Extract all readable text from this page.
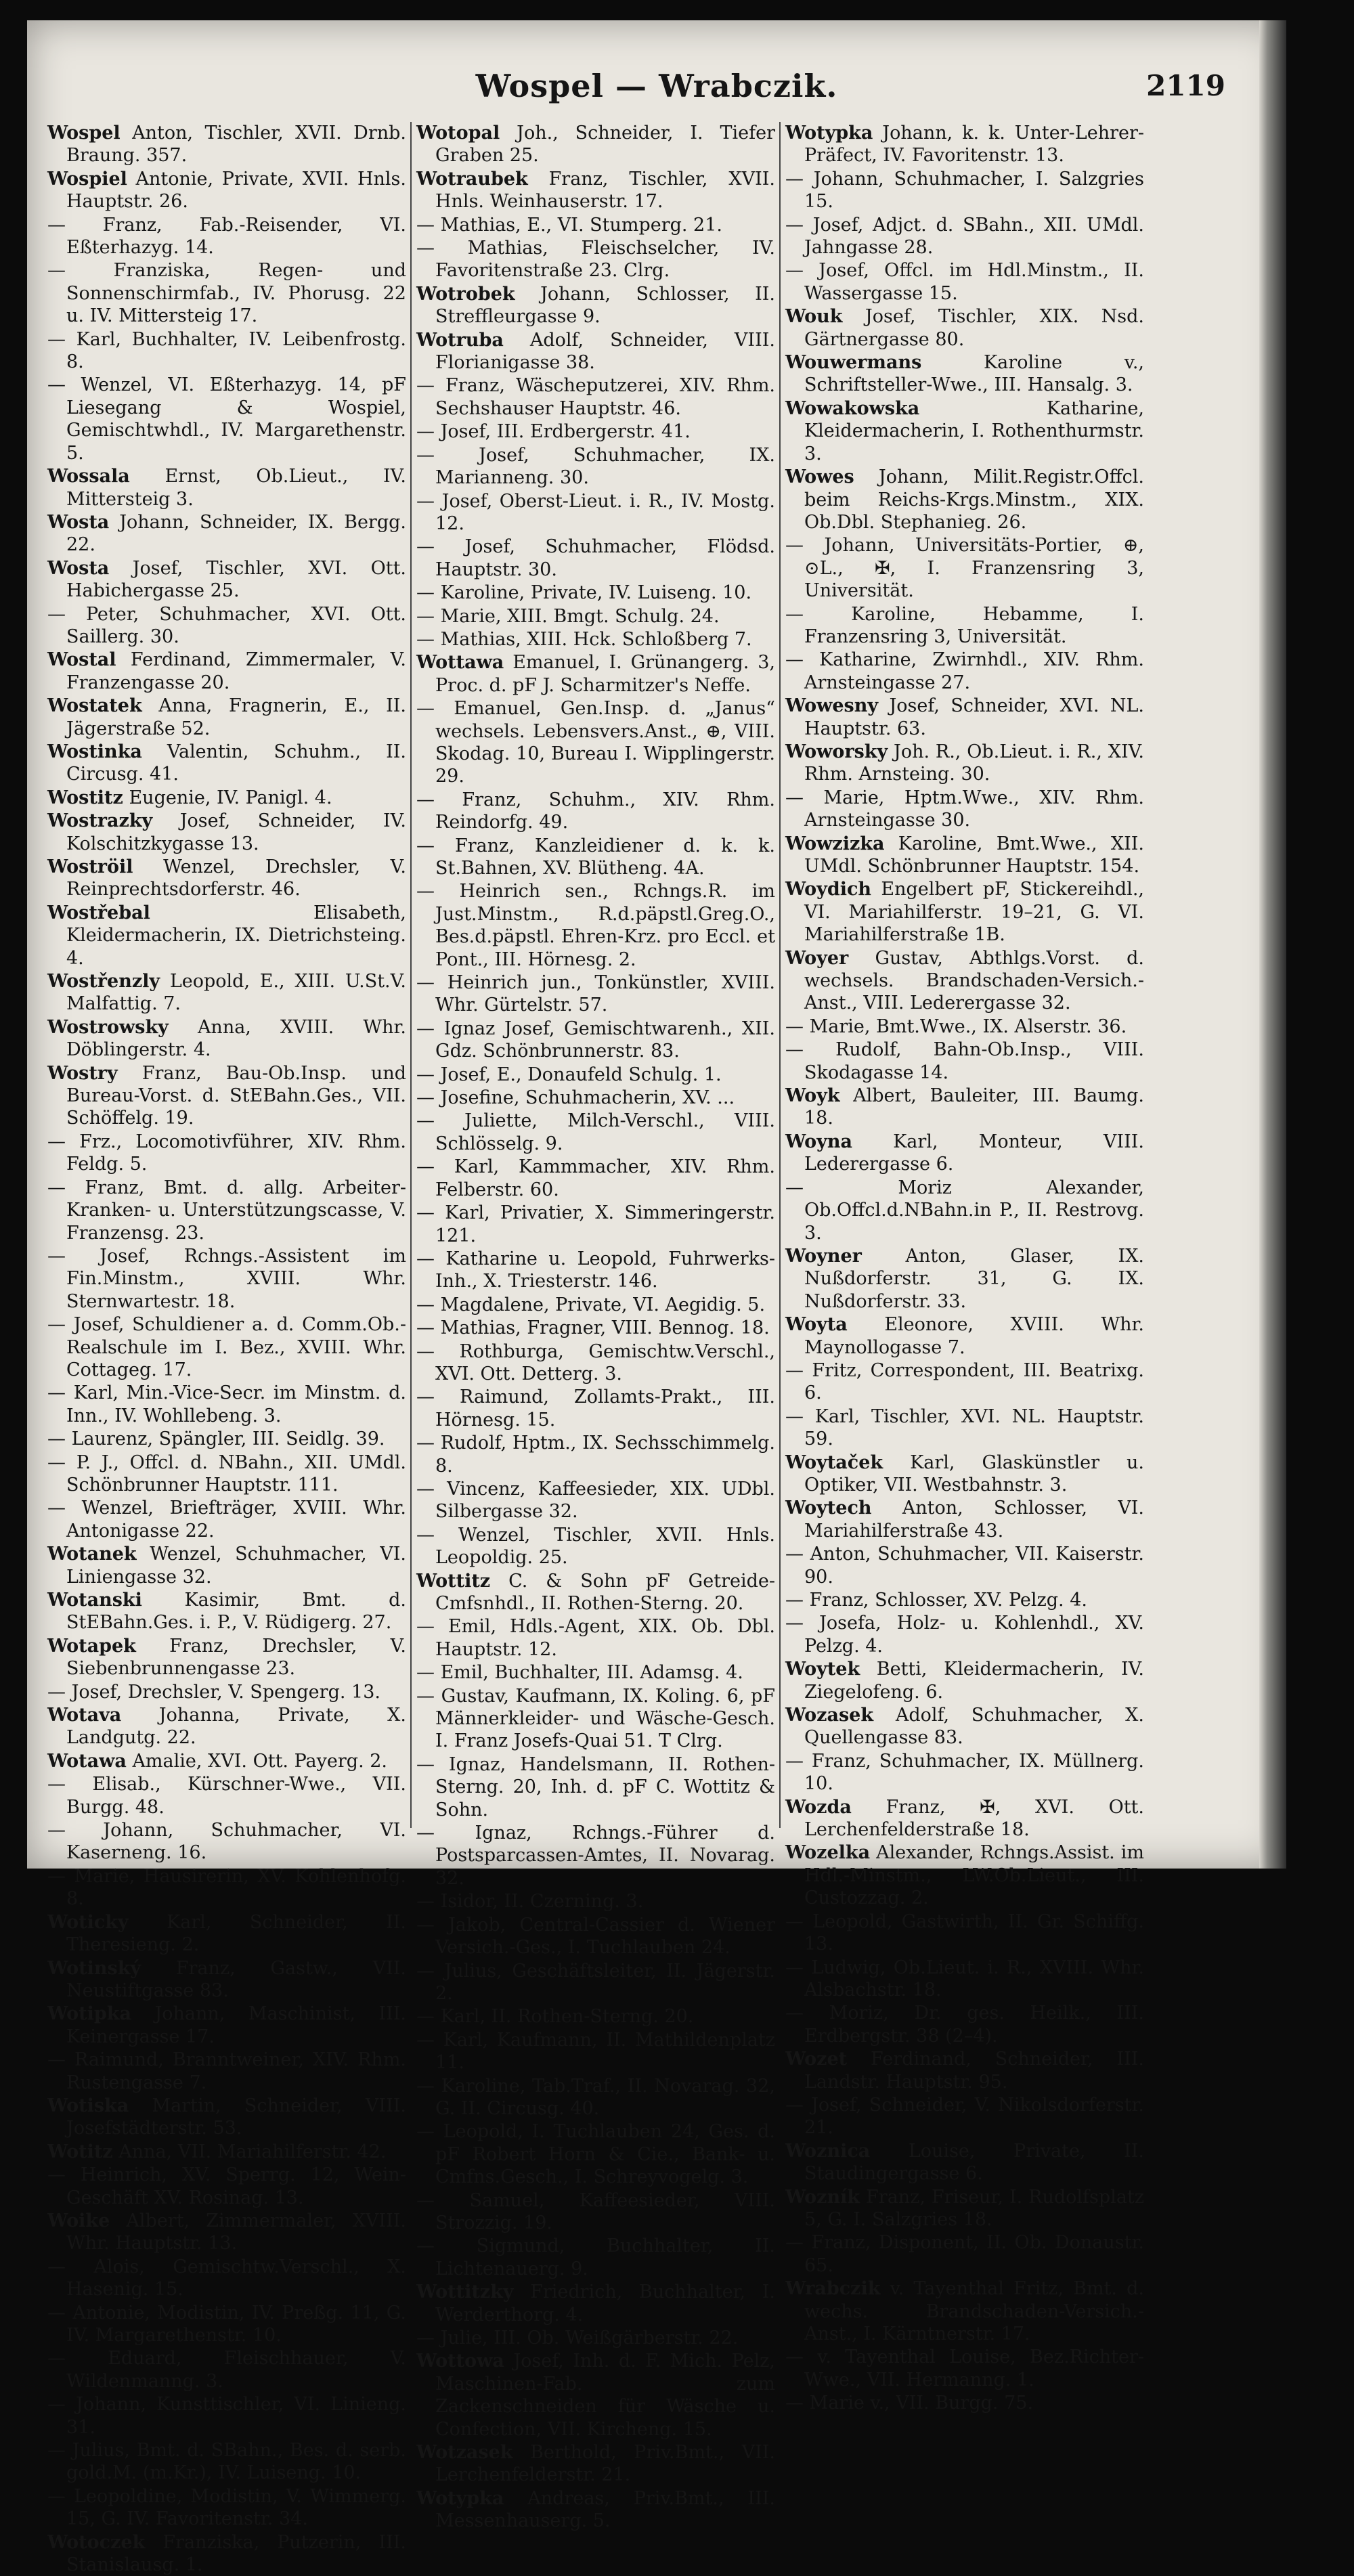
Wospel — Wrabczik.	2119
Wospel Anton, Tischler, XVII. Drnb. Braung. 357.
Wospiel Antonie, Private, XVII. Hnls. Hauptstr. 26.
— Franz, Fab.-Reisender, VI. Eßterhazyg. 14.
— Franziska, Regen- und Sonnenschirmfab., IV. Phorusg. 22 u. IV. Mittersteig 17.
— Karl, Buchhalter, IV. Leibenfrostg. 8.
— Wenzel, VI. Eßterhazyg. 14, pF Liesegang & Wospiel, Gemischtwhdl., IV. Margarethenstr. 5.
Wossala Ernst, Ob.Lieut., IV. Mittersteig 3.
Wosta Johann, Schneider, IX. Bergg. 22.
Wosta Josef, Tischler, XVI. Ott. Habichergasse 25.
— Peter, Schuhmacher, XVI. Ott. Saillerg. 30.
Wostal Ferdinand, Zimmermaler, V. Franzengasse 20.
Wostatek Anna, Fragnerin, E., II. Jägerstraße 52.
Wostinka Valentin, Schuhm., II. Circusg. 41.
Wostitz Eugenie, IV. Panigl. 4.
Wostrazky Josef, Schneider, IV. Kolschitzkygasse 13.
Woströil Wenzel, Drechsler, V. Reinprechtsdorferstr. 46.
Wostřebal	Elisabeth, Kleidermacherin, IX. Dietrichsteing. 4.
Wostřenzly Leopold, E., XIII. U.St.V. Malfattig. 7.
Wostrowsky Anna, XVIII. Whr. Döblingerstr. 4.
Wostry Franz, Bau-Ob.Insp. und Bureau-Vorst. d. StEBahn.Ges., VII. Schöffelg. 19.
— Frz., Locomotivführer, XIV. Rhm. Feldg. 5.
— Franz, Bmt. d. allg. Arbeiter-Kranken- u. Unterstützungscasse, V. Franzensg. 23.
— Josef, Rchngs.-Assistent im Fin.Minstm., XVIII. Whr. Sternwartestr. 18.
— Josef, Schuldiener a. d. Comm.Ob.-Realschule im I. Bez., XVIII. Whr. Cottageg. 17.
— Karl, Min.-Vice-Secr. im Minstm. d. Inn., IV. Wohllebeng. 3.
— Laurenz, Spängler, III. Seidlg. 39.
— P. J., Offcl. d. NBahn., XII. UMdl. Schönbrunner Hauptstr. 111.
— Wenzel, Briefträger, XVIII. Whr. Antonigasse 22.
Wotanek Wenzel, Schuhmacher, VI. Liniengasse 32.
Wotanski Kasimir, Bmt. d. StEBahn.Ges. i. P., V. Rüdigerg. 27.
Wotapek Franz, Drechsler, V. Siebenbrunnengasse 23.
— Josef, Drechsler, V. Spengerg. 13.
Wotava Johanna, Private, X. Landgutg. 22.
Wotawa Amalie, XVI. Ott. Payerg. 2.
— Elisab., Kürschner-Wwe., VII. Burgg. 48.
— Johann, Schuhmacher, VI. Kaserneng. 16.
— Marie, Hausirerin, XV. Kohlenhofg. 8.
Woticky Karl, Schneider, II. Theresieng. 2.
Wotinský Franz, Gastw., VII. Neustiftgasse 83.
Wotipka Johann, Maschinist, III. Keinergasse 17.
— Raimund, Branntweiner, XIV. Rhm. Rustengasse 7.
Wotiska Martin, Schneider, VIII. Josefstädterstr. 53.
Wotitz Anna, VII. Mariahilferstr. 42.
— Heinrich, XV. Sperrg. 12, Wein-Geschäft XV. Rosinag. 13.
Woike Albert, Zimmermaler, XVIII. Whr. Hauptstr. 13.
— Alois, Gemischtw.Verschl., X. Hasenig. 15.
— Antonie, Modistin, IV. Preßg. 11, G. IV. Margarethenstr. 10.
— Eduard, Fleischhauer, V. Wildenmanng. 3.
— Johann, Kunsttischler, VI. Linieng. 31.
— Julius, Bmt. d. SBahn., Bes. d. serb. gold.M. (m.Kr.), IV. Luiseng. 10.
— Leopoldine, Modistin, V. Wimmerg. 15, G. IV. Favoritenstr. 34.
Wotoczek Franziska, Putzerin, III. Stanislausg. 1.
Wotopal Joh., Schneider, I. Tiefer Graben 25.
Wotraubek Franz, Tischler, XVII. Hnls. Weinhauserstr. 17.
— Mathias, E., VI. Stumperg. 21.
— Mathias, Fleischselcher, IV. Favoritenstraße 23. Clrg.
Wotrobek Johann, Schlosser, II. Streffleurgasse 9.
Wotruba Adolf, Schneider, VIII. Florianigasse 38.
— Franz, Wäscheputzerei, XIV. Rhm. Sechshauser Hauptstr. 46.
— Josef, III. Erdbergerstr. 41.
— Josef, Schuhmacher, IX. Marianneng. 30.
— Josef, Oberst-Lieut. i. R., IV. Mostg. 12.
— Josef, Schuhmacher, Flödsd. Hauptstr. 30.
— Karoline, Private, IV. Luiseng. 10.
— Marie, XIII. Bmgt. Schulg. 24.
— Mathias, XIII. Hck. Schloßberg 7.
Wottawa Emanuel, I. Grünangerg. 3, Proc. d. pF J. Scharmitzer's Neffe.
— Emanuel, Gen.Insp. d. „Janus“ wechsels. Lebensvers.Anst., ⊕, VIII. Skodag. 10, Bureau I. Wipplingerstr. 29.
— Franz, Schuhm., XIV. Rhm. Reindorfg. 49.
— Franz, Kanzleidiener d. k. k. St.Bahnen, XV. Blütheng. 4A.
— Heinrich sen., Rchngs.R. im Just.Minstm., R.d.päpstl.Greg.O., Bes.d.päpstl. Ehren-Krz. pro Eccl. et Pont., III. Hörnesg. 2.
— Heinrich jun., Tonkünstler, XVIII. Whr. Gürtelstr. 57.
— Ignaz Josef, Gemischtwarenh., XII. Gdz. Schönbrunnerstr. 83.
— Josef, E., Donaufeld Schulg. 1.
— Josefine, Schuhmacherin, XV. ...
— Juliette, Milch-Verschl., VIII. Schlösselg. 9.
— Karl, Kammmacher, XIV. Rhm. Felberstr. 60.
— Karl, Privatier, X. Simmeringerstr. 121.
— Katharine u. Leopold, Fuhrwerks-Inh., X. Triesterstr. 146.
— Magdalene, Private, VI. Aegidig. 5.
— Mathias, Fragner, VIII. Bennog. 18.
— Rothburga, Gemischtw.Verschl., XVI. Ott. Detterg. 3.
— Raimund, Zollamts-Prakt., III. Hörnesg. 15.
— Rudolf, Hptm., IX. Sechsschimmelg. 8.
— Vincenz, Kaffeesieder, XIX. UDbl. Silbergasse 32.
— Wenzel, Tischler, XVII. Hnls. Leopoldig. 25.
Wottitz C. & Sohn pF Getreide-Cmfsnhdl., II. Rothen-Sterng. 20.
— Emil, Hdls.-Agent, XIX. Ob. Dbl. Hauptstr. 12.
— Emil, Buchhalter, III. Adamsg. 4.
— Gustav, Kaufmann, IX. Koling. 6, pF Männerkleider- und Wäsche-Gesch. I. Franz Josefs-Quai 51. T Clrg.
— Ignaz, Handelsmann, II. Rothen-Sterng. 20, Inh. d. pF C. Wottitz & Sohn.
— Ignaz, Rchngs.-Führer d. Postsparcassen-Amtes, II. Novarag. 32.
— Isidor, II. Czerning. 3.
— Jakob, Central-Cassier d. Wiener Versich.-Ges., I. Tuchlauben 24.
— Julius, Geschäftsleiter, II. Jägerstr. 2.
— Karl, II. Rothen-Sterng. 20.
— Karl, Kaufmann, II. Mathildenplatz 11.
— Karoline, Tab.Traf., II. Novarag. 32, G. II. Circusg. 40.
— Leopold, I. Tuchlauben 24, Ges. d. pF Robert Horn & Cie., Bank- u. Cmfns.Gesch., I. Schreyvogelg. 3.
— Samuel, Kaffeesieder, VIII. Strozzig. 19.
— Sigmund, Buchhalter, II. Lichtenauerg. 9.
Wottitzky Friedrich, Buchhalter, I. Werderthorg. 4.
— Julie, III. Ob. Weißgärberstr. 22.
Wottowa Josef, Inh. d. F. Mich. Pelz, Maschinen-Fab. zum Zackenschneiden für Wäsche u. Confection, VII. Kircheng. 15.
Wotzasek Berthold, Priv.Bmt., VII. Lerchenfelderstr. 21.
Wotypka Andreas, Priv.Bmt., III. Messenhauserg. 5.
Wotypka Johann, k. k. Unter-Lehrer-Präfect, IV. Favoritenstr. 13.
— Johann, Schuhmacher, I. Salzgries 15.
— Josef, Adjct. d. SBahn., XII. UMdl. Jahngasse 28.
— Josef, Offcl. im Hdl.Minstm., II. Wassergasse 15.
Wouk Josef, Tischler, XIX. Nsd. Gärtnergasse 80.
Wouwermans	Karoline v., Schriftsteller-Wwe., III. Hansalg. 3.
Wowakowska	Katharine, Kleidermacherin, I. Rothenthurmstr. 3.
Wowes Johann, Milit.Registr.Offcl. beim Reichs-Krgs.Minstm., XIX. Ob.Dbl. Stephanieg. 26.
— Johann, Universitäts-Portier, ⊕, ⊙L., ✠, I. Franzensring 3, Universität.
— Karoline, Hebamme, I. Franzensring 3, Universität.
— Katharine, Zwirnhdl., XIV. Rhm. Arnsteingasse 27.
Wowesny Josef, Schneider, XVI. NL. Hauptstr. 63.
Woworsky Joh. R., Ob.Lieut. i. R., XIV. Rhm. Arnsteing. 30.
— Marie, Hptm.Wwe., XIV. Rhm. Arnsteingasse 30.
Wowzizka Karoline, Bmt.Wwe., XII. UMdl. Schönbrunner Hauptstr. 154.
Woydich Engelbert pF, Stickereihdl., VI. Mariahilferstr. 19–21, G. VI. Mariahilferstraße 1B.
Woyer Gustav, Abthlgs.Vorst. d. wechsels. Brandschaden-Versich.-Anst., VIII. Lederergasse 32.
— Marie, Bmt.Wwe., IX. Alserstr. 36.
— Rudolf, Bahn-Ob.Insp., VIII. Skodagasse 14.
Woyk Albert, Bauleiter, III. Baumg. 18.
Woyna Karl, Monteur, VIII. Lederergasse 6.
— Moriz Alexander, Ob.Offcl.d.NBahn.in P., II. Restrovg. 3.
Woyner Anton, Glaser, IX. Nußdorferstr. 31, G. IX. Nußdorferstr. 33.
Woyta Eleonore, XVIII. Whr. Maynollogasse 7.
— Fritz, Correspondent, III. Beatrixg. 6.
— Karl, Tischler, XVI. NL. Hauptstr. 59.
Woytaček Karl, Glaskünstler u. Optiker, VII. Westbahnstr. 3.
Woytech Anton, Schlosser, VI. Mariahilferstraße 43.
— Anton, Schuhmacher, VII. Kaiserstr. 90.
— Franz, Schlosser, XV. Pelzg. 4.
— Josefa, Holz- u. Kohlenhdl., XV. Pelzg. 4.
Woytek Betti, Kleidermacherin, IV. Ziegelofeng. 6.
Wozasek Adolf, Schuhmacher, X. Quellengasse 83.
— Franz, Schuhmacher, IX. Müllnerg. 10.
Wozda Franz, ✠, XVI. Ott. Lerchenfelderstraße 18.
Wozelka Alexander, Rchngs.Assist. im Hdl.-Minstm., LW.Ob.Lieut., III. Custozzag. 2.
— Leopold, Gastwirth, II. Gr. Schiffg. 13.
— Ludwig, Ob.Lieut. i. R., XVIII. Whr. Alsbachstr. 18.
— Moriz, Dr. ges. Heilk., III. Erdbergstr. 38 (2–4).
Wozet Ferdinand, Schneider, III. Landstr. Hauptstr. 95.
— Josef, Schneider, V. Nikolsdorferstr. 21.
Woznica Louise, Private, II. Staudingergasse 6.
Wozník Franz, Friseur, I. Rudolfsplatz 5, G. I. Salzgries 18.
— Franz, Disponent, II. Ob. Donaustr. 65.
Wrabczik v. Tayenthal Fritz, Bmt. d. wechs. Brandschaden-Versich.-Anst., I. Kärntnerstr. 17.
— v. Tayenthal Louise, Bez.Richter-Wwe., VII. Hermanng. 1.
— Marie v., VII. Burgg. 75.
